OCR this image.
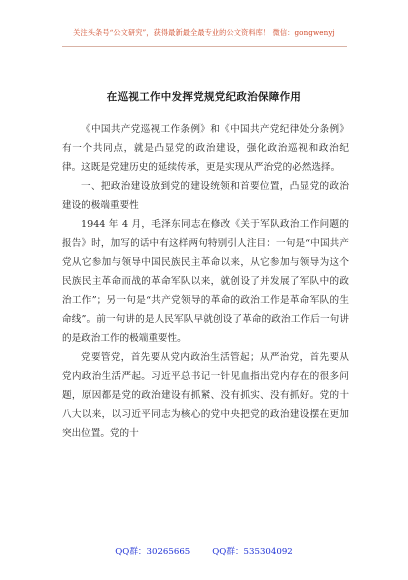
关注头条号“公文研究”，获得最新最全最专业的公文资料库！ 微信：gongwenyj
在巡视工作中发挥党规党纪政治保障作用

《中国共产党巡视工作条例》和《中国共产党纪律处分条例》有一个共同点，就是凸显党的政治建设，强化政治巡视和政治纪律。这既是党建历史的延续传承，更是实现从严治党的必然选择。

一、把政治建设放到党的建设统领和首要位置，凸显党的政治建设的极端重要性

1944 年 4 月，毛泽东同志在修改《关于军队政治工作问题的报告》时，加写的话中有这样两句特别引人注目：一句是“中国共产党从它参加与领导中国民族民主革命以来，从它参加与领导为这个民族民主革命而战的革命军队以来，就创设了并发展了军队中的政治工作”；另一句是“共产党领导的革命的政治工作是革命军队的生命线”。前一句讲的是人民军队早就创设了革命的政治工作后一句讲的是政治工作的极端重要性。

党要管党，首先要从党内政治生活管起；从严治党，首先要从党内政治生活严起。习近平总书记一针见血指出党内存在的很多问题，原因都是党的政治建设有抓紧、没有抓实、没有抓好。党的十八大以来，以习近平同志为核心的党中央把党的政治建设摆在更加突出位置。党的十

QQ群：30265665	QQ群：535304092
